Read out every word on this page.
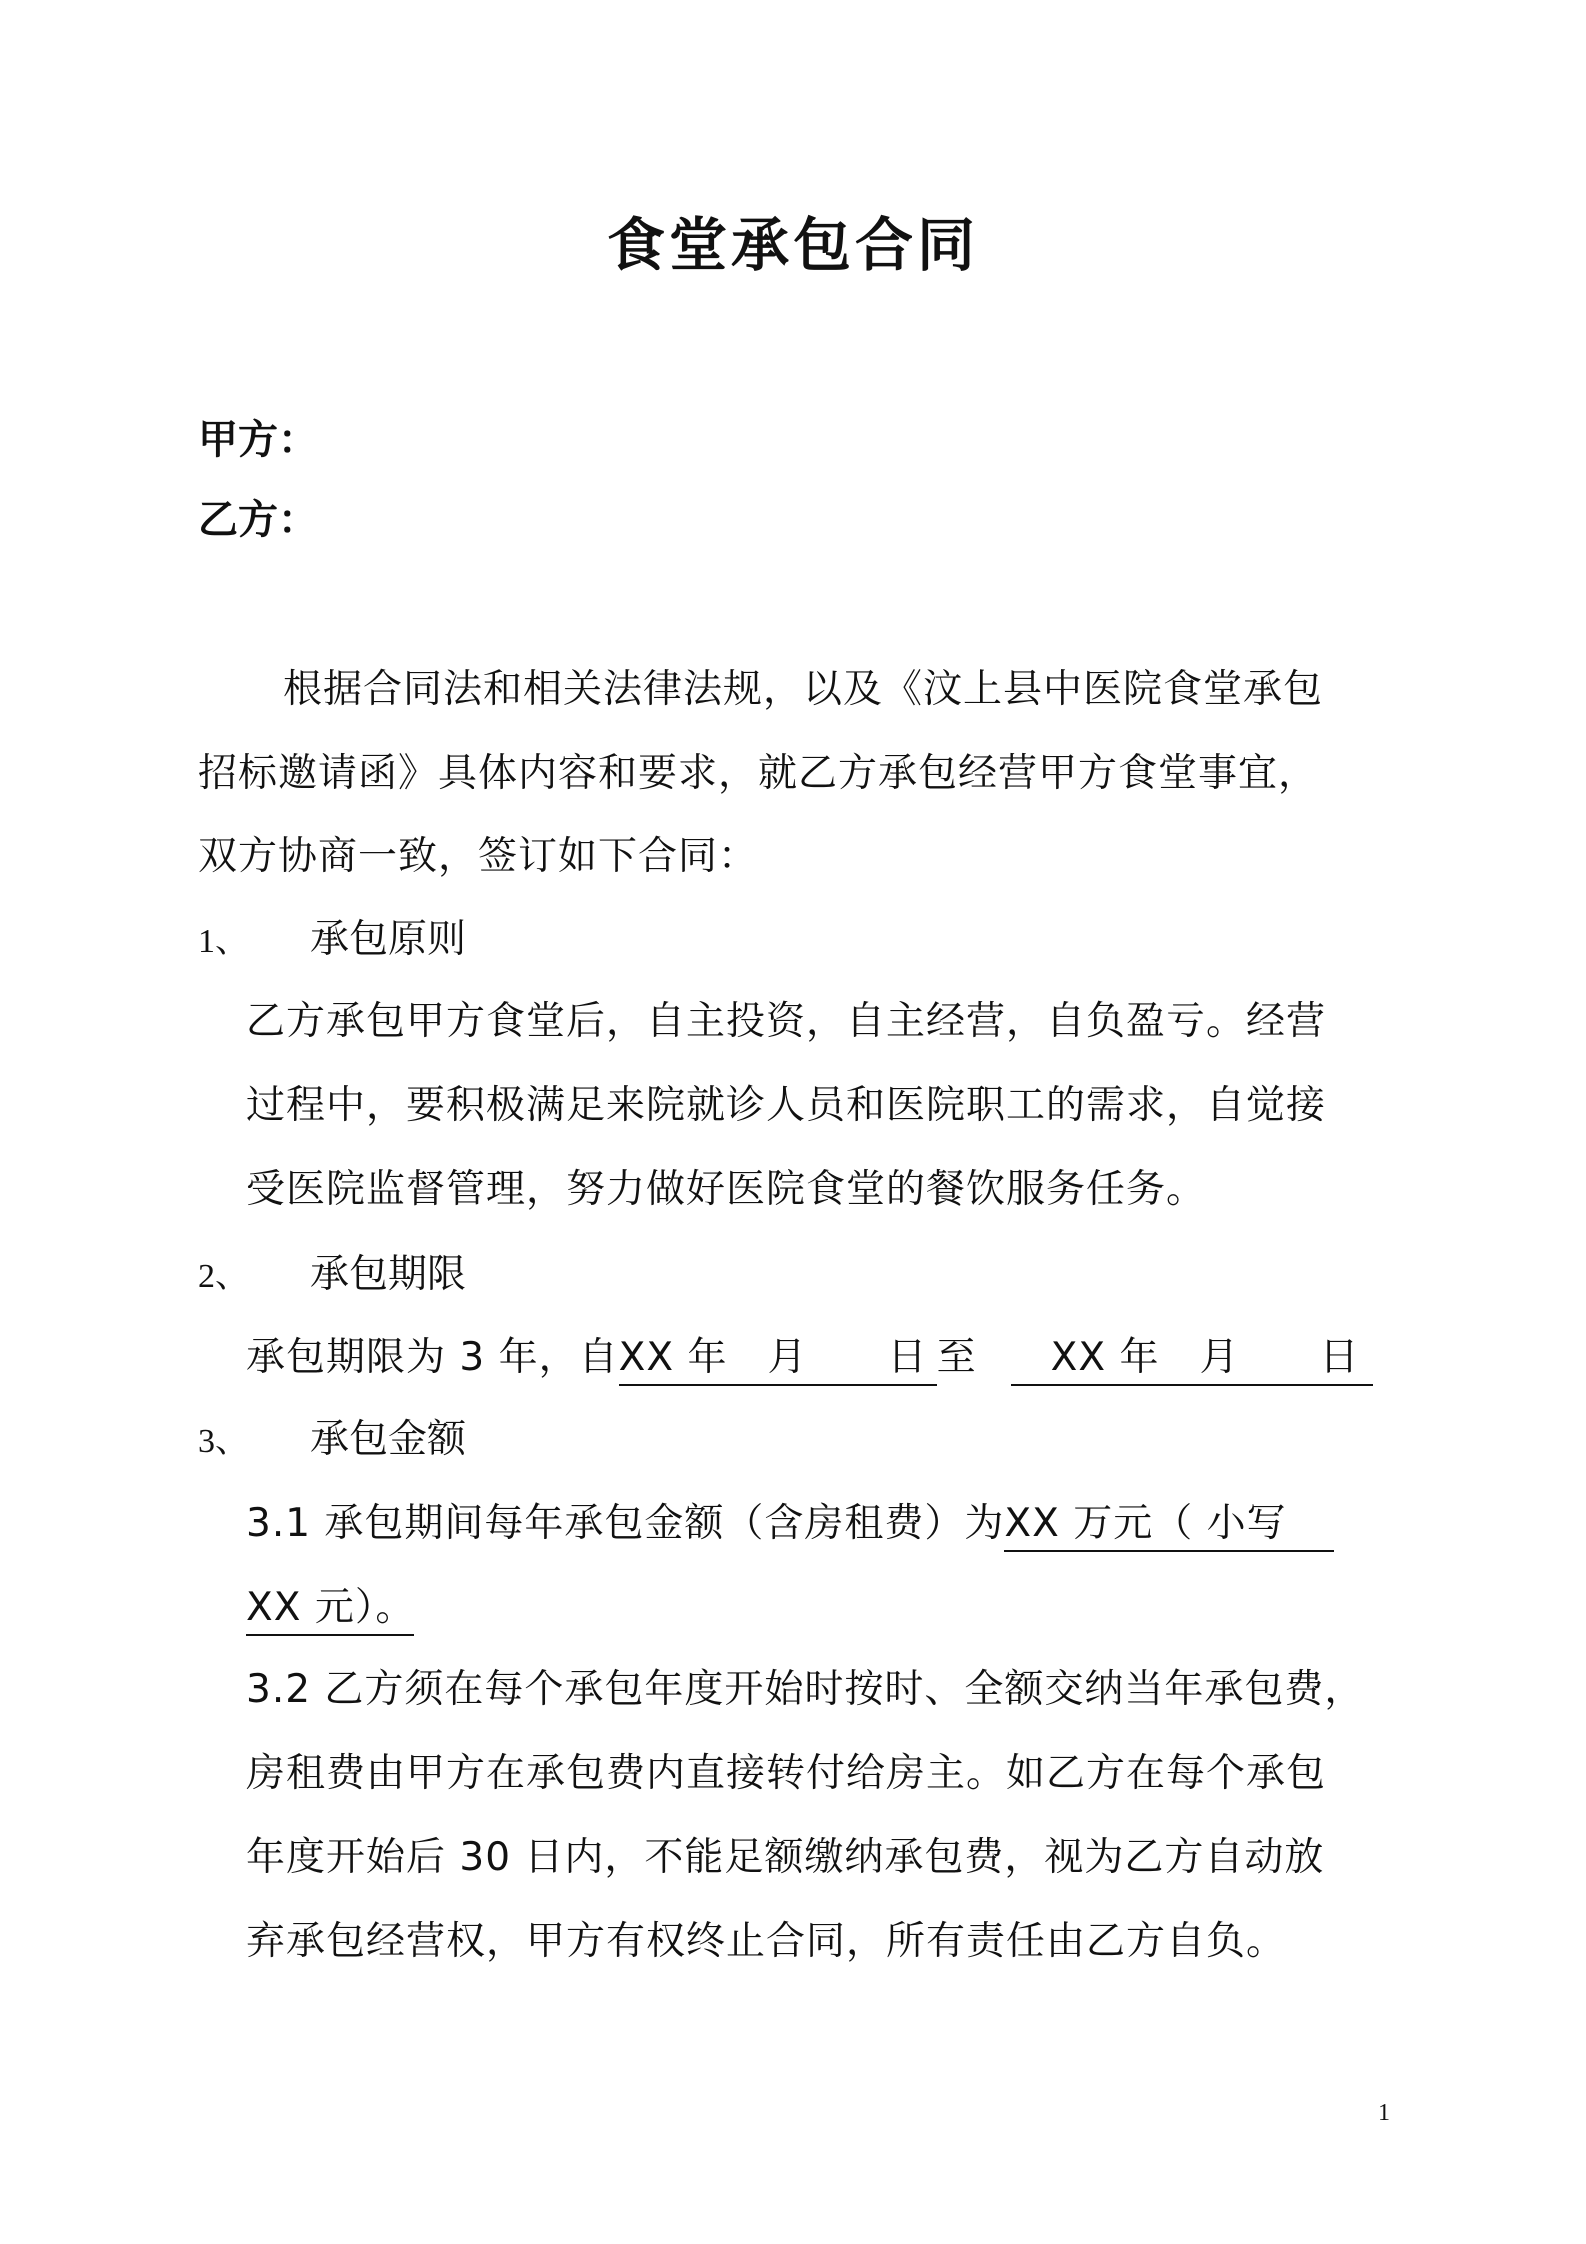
食堂承包合同
甲方：
乙方：
根据合同法和相关法律法规，以及《汶上县中医院食堂承包
招标邀请函》具体内容和要求，就乙方承包经营甲方食堂事宜，
双方协商一致，签订如下合同：
1、 承包原则
乙方承包甲方食堂后，自主投资，自主经营，自负盈亏。经营
过程中，要积极满足来院就诊人员和医院职工的需求，自觉接
受医院监督管理，努力做好医院食堂的餐饮服务任务。
2、 承包期限
承包期限为 3 年，自XX 年　月　　日 至　XX 年　月　　日
3、 承包金额
3.1 承包期间每年承包金额（含房租费）为XX 万元（ 小写
XX 元）。
3.2 乙方须在每个承包年度开始时按时、全额交纳当年承包费，
房租费由甲方在承包费内直接转付给房主。如乙方在每个承包
年度开始后 30 日内，不能足额缴纳承包费，视为乙方自动放
弃承包经营权，甲方有权终止合同，所有责任由乙方自负。
1
